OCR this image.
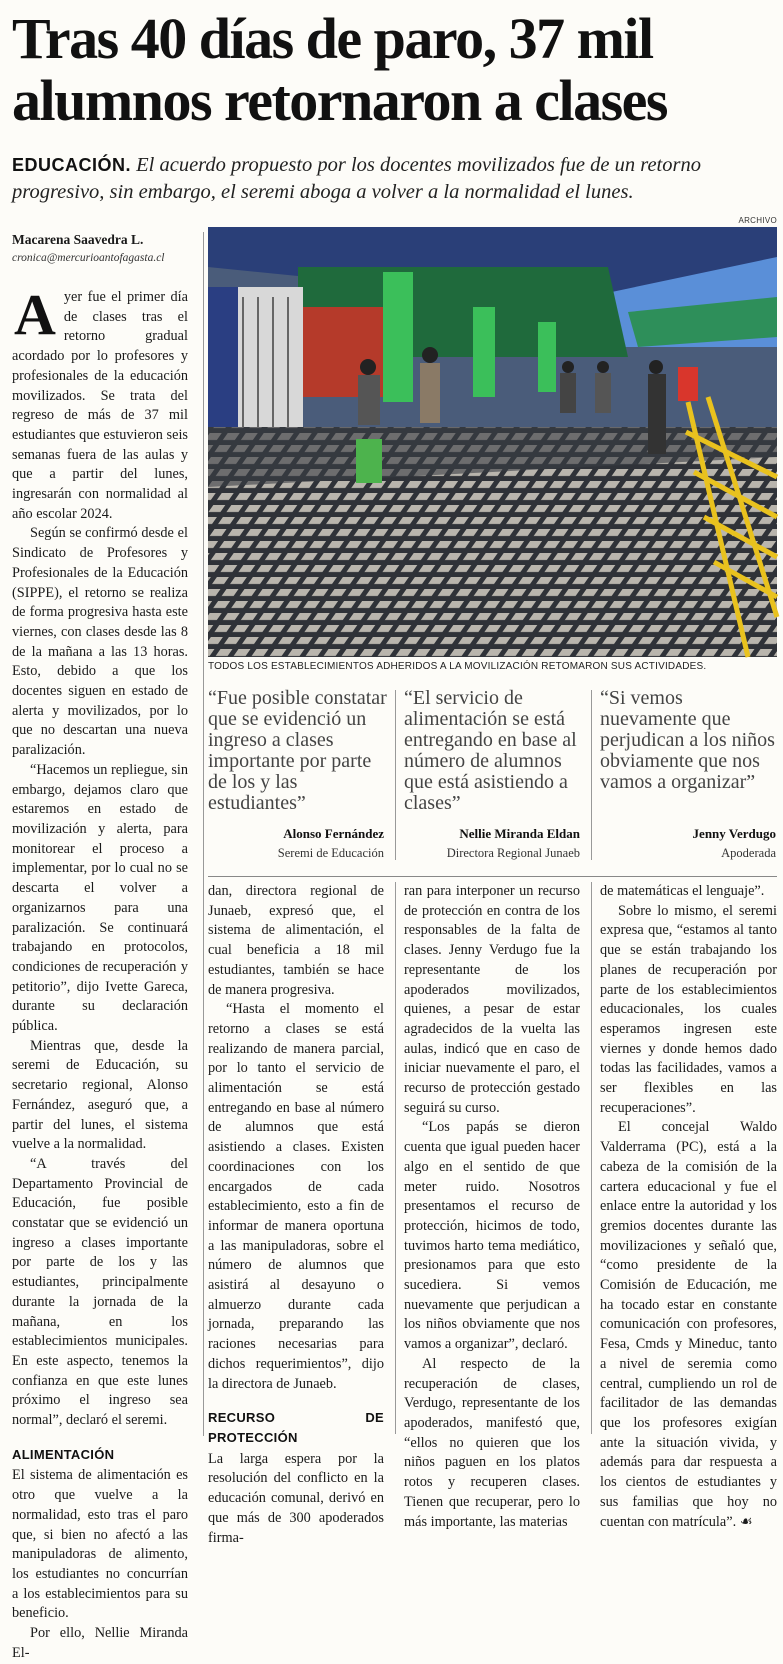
Tras 40 días de paro, 37 mil alumnos retornaron a clases
EDUCACIÓN. El acuerdo propuesto por los docentes movilizados fue de un retorno progresivo, sin embargo, el seremi aboga a volver a la normalidad el lunes.
Macarena Saavedra L.
cronica@mercurioantofagasta.cl
ARCHIVO
TODOS LOS ESTABLECIMIENTOS ADHERIDOS A LA MOVILIZACIÓN RETOMARON SUS ACTIVIDADES.

Ayer fue el primer día de clases tras el retorno gradual acordado por lo profesores y profesionales de la educación movilizados. Se trata del regreso de más de 37 mil estudiantes que estuvieron seis semanas fuera de las aulas y que a partir del lunes, ingresarán con normalidad al año escolar 2024.

Según se confirmó desde el Sindicato de Profesores y Profesionales de la Educación (SIPPE), el retorno se realiza de forma progresiva hasta este viernes, con clases desde las 8 de la mañana a las 13 horas. Esto, debido a que los docentes siguen en estado de alerta y movilizados, por lo que no descartan una nueva paralización.

“Hacemos un repliegue, sin embargo, dejamos claro que estaremos en estado de movilización y alerta, para monitorear el proceso a implementar, por lo cual no se descarta el volver a organizarnos para una paralización. Se continuará trabajando en protocolos, condiciones de recuperación y petitorio”, dijo Ivette Gareca, durante su declaración pública.

Mientras que, desde la seremi de Educación, su secretario regional, Alonso Fernández, aseguró que, a partir del lunes, el sistema vuelve a la normalidad.

“A través del Departamento Provincial de Educación, fue posible constatar que se evidenció un ingreso a clases importante por parte de los y las estudiantes, principalmente durante la jornada de la mañana, en los establecimientos municipales. En este aspecto, tenemos la confianza en que este lunes próximo el ingreso sea normal”, declaró el seremi.

ALIMENTACIÓN

El sistema de alimentación es otro que vuelve a la normalidad, esto tras el paro que, si bien no afectó a las manipuladoras de alimento, los estudiantes no concurrían a los establecimientos para su beneficio.

Por ello, Nellie Miranda El-

“Fue posible constatar que se evidenció un ingreso a clases importante por parte de los y las estudiantes”
Alonso Fernández
Seremi de Educación
“El servicio de alimentación se está entregando en base al número de alumnos que está asistiendo a clases”
Nellie Miranda Eldan
Directora Regional Junaeb
“Si vemos nuevamente que perjudican a los niños obviamente que nos vamos a organizar”
Jenny Verdugo
Apoderada

dan, directora regional de Junaeb, expresó que, el sistema de alimentación, el cual beneficia a 18 mil estudiantes, también se hace de manera progresiva.

“Hasta el momento el retorno a clases se está realizando de manera parcial, por lo tanto el servicio de alimentación se está entregando en base al número de alumnos que está asistiendo a clases. Existen coordinaciones con los encargados de cada establecimiento, esto a fin de informar de manera oportuna a las manipuladoras, sobre el número de alumnos que asistirá al desayuno o almuerzo durante cada jornada, preparando las raciones necesarias para dichos requerimientos”, dijo la directora de Junaeb.

RECURSO DE PROTECCIÓN

La larga espera por la resolución del conflicto en la educación comunal, derivó en que más de 300 apoderados firma-

ran para interponer un recurso de protección en contra de los responsables de la falta de clases. Jenny Verdugo fue la representante de los apoderados movilizados, quienes, a pesar de estar agradecidos de la vuelta las aulas, indicó que en caso de iniciar nuevamente el paro, el recurso de protección gestado seguirá su curso.

“Los papás se dieron cuenta que igual pueden hacer algo en el sentido de que meter ruido. Nosotros presentamos el recurso de protección, hicimos de todo, tuvimos harto tema mediático, presionamos para que esto sucediera. Si vemos nuevamente que perjudican a los niños obviamente que nos vamos a organizar”, declaró.

Al respecto de la recuperación de clases, Verdugo, representante de los apoderados, manifestó que, “ellos no quieren que los niños paguen en los platos rotos y recuperen clases. Tienen que recuperar, pero lo más importante, las materias

de matemáticas el lenguaje”.

Sobre lo mismo, el seremi expresa que, “estamos al tanto que se están trabajando los planes de recuperación por parte de los establecimientos educacionales, los cuales esperamos ingresen este viernes y donde hemos dado todas las facilidades, vamos a ser flexibles en las recuperaciones”.

El concejal Waldo Valderrama (PC), está a la cabeza de la comisión de la cartera educacional y fue el enlace entre la autoridad y los gremios docentes durante las movilizaciones y señaló que, “como presidente de la Comisión de Educación, me ha tocado estar en constante comunicación con profesores, Fesa, Cmds y Mineduc, tanto a nivel de seremia como central, cumpliendo un rol de facilitador de las demandas que los profesores exigían ante la situación vivida, y además para dar respuesta a los cientos de estudiantes y sus familias que hoy no cuentan con matrícula”. ☙
